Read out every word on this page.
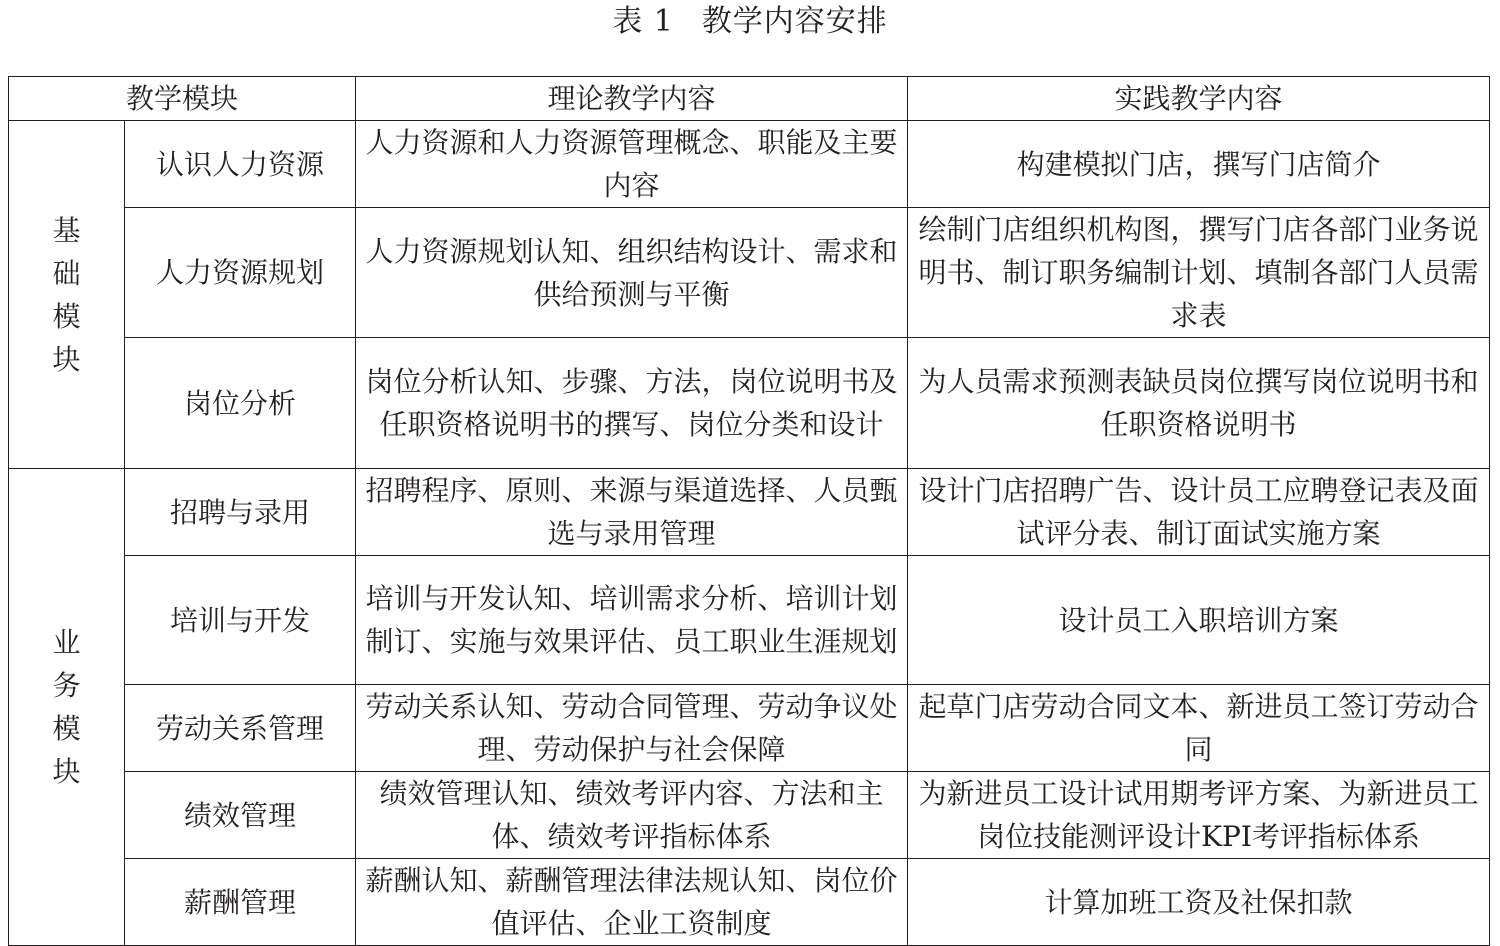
表 1 教学内容安排
教学模块		理论教学内容	实践教学内容
基础模块	认识人力资源	人力资源和人力资源管理概念、职能及主要内容	构建模拟门店，撰写门店简介
	人力资源规划	人力资源规划认知、组织结构设计、需求和供给预测与平衡	绘制门店组织机构图，撰写门店各部门业务说明书、制订职务编制计划、填制各部门人员需求表
	岗位分析	岗位分析认知、步骤、方法，岗位说明书及任职资格说明书的撰写、岗位分类和设计	为人员需求预测表缺员岗位撰写岗位说明书和任职资格说明书
业务模块	招聘与录用	招聘程序、原则、来源与渠道选择、人员甄选与录用管理	设计门店招聘广告、设计员工应聘登记表及面试评分表、制订面试实施方案
	培训与开发	培训与开发认知、培训需求分析、培训计划制订、实施与效果评估、员工职业生涯规划	设计员工入职培训方案
	劳动关系管理	劳动关系认知、劳动合同管理、劳动争议处理、劳动保护与社会保障	起草门店劳动合同文本、新进员工签订劳动合同
	绩效管理	绩效管理认知、绩效考评内容、方法和主体、绩效考评指标体系	为新进员工设计试用期考评方案、为新进员工岗位技能测评设计KPI考评指标体系
	薪酬管理	薪酬认知、薪酬管理法律法规认知、岗位价值评估、企业工资制度	计算加班工资及社保扣款
